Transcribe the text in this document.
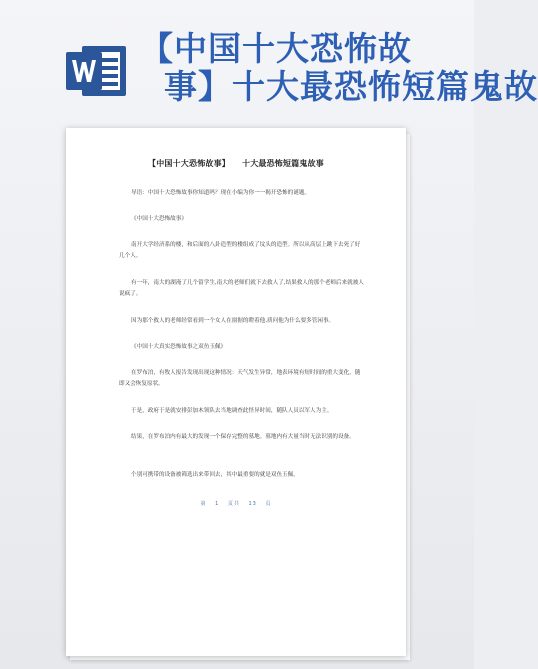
【中国十大恐怖故
事】十大最恐怖短篇鬼故
【中国十大恐怖故事】 十大最恐怖短篇鬼故事
导语：中国十大恐怖故事你知道吗？现在小编为你一一揭开恐怖的谜题。
《中国十大恐怖故事》
南开大学经济系的楼，和后面的八卦造型的楼组成了坟头的造型。所以从高层上跳下去死了好几个人。
有一年，南大的湖淹了几个留学生,南大的老师们就下去救人了,结果救人的那个老师后来就被人说疯了。
因为那个救人的老师经常看到一个女人在窗据的瞪着他,质问他为什么要多管闲事。
《中国十大真实恐怖故事之双鱼玉佩》
在罗布泊，有牧人报告发现出现这种情况：天气发生异常，地表环境有短时间的重大变化，随即又会恢复原状。
于是，政府于是就安排彭加木领队去当地调查此怪异时间，随队人员以军人为主。
结果，在罗布泊内有最大的发现一个保存完整的墓地。墓地内有大量当时无法识别的设备。
个别可携带的设备被筛选出来带回去，其中最重要的就是双鱼玉佩。
第 1 页共 13 页
